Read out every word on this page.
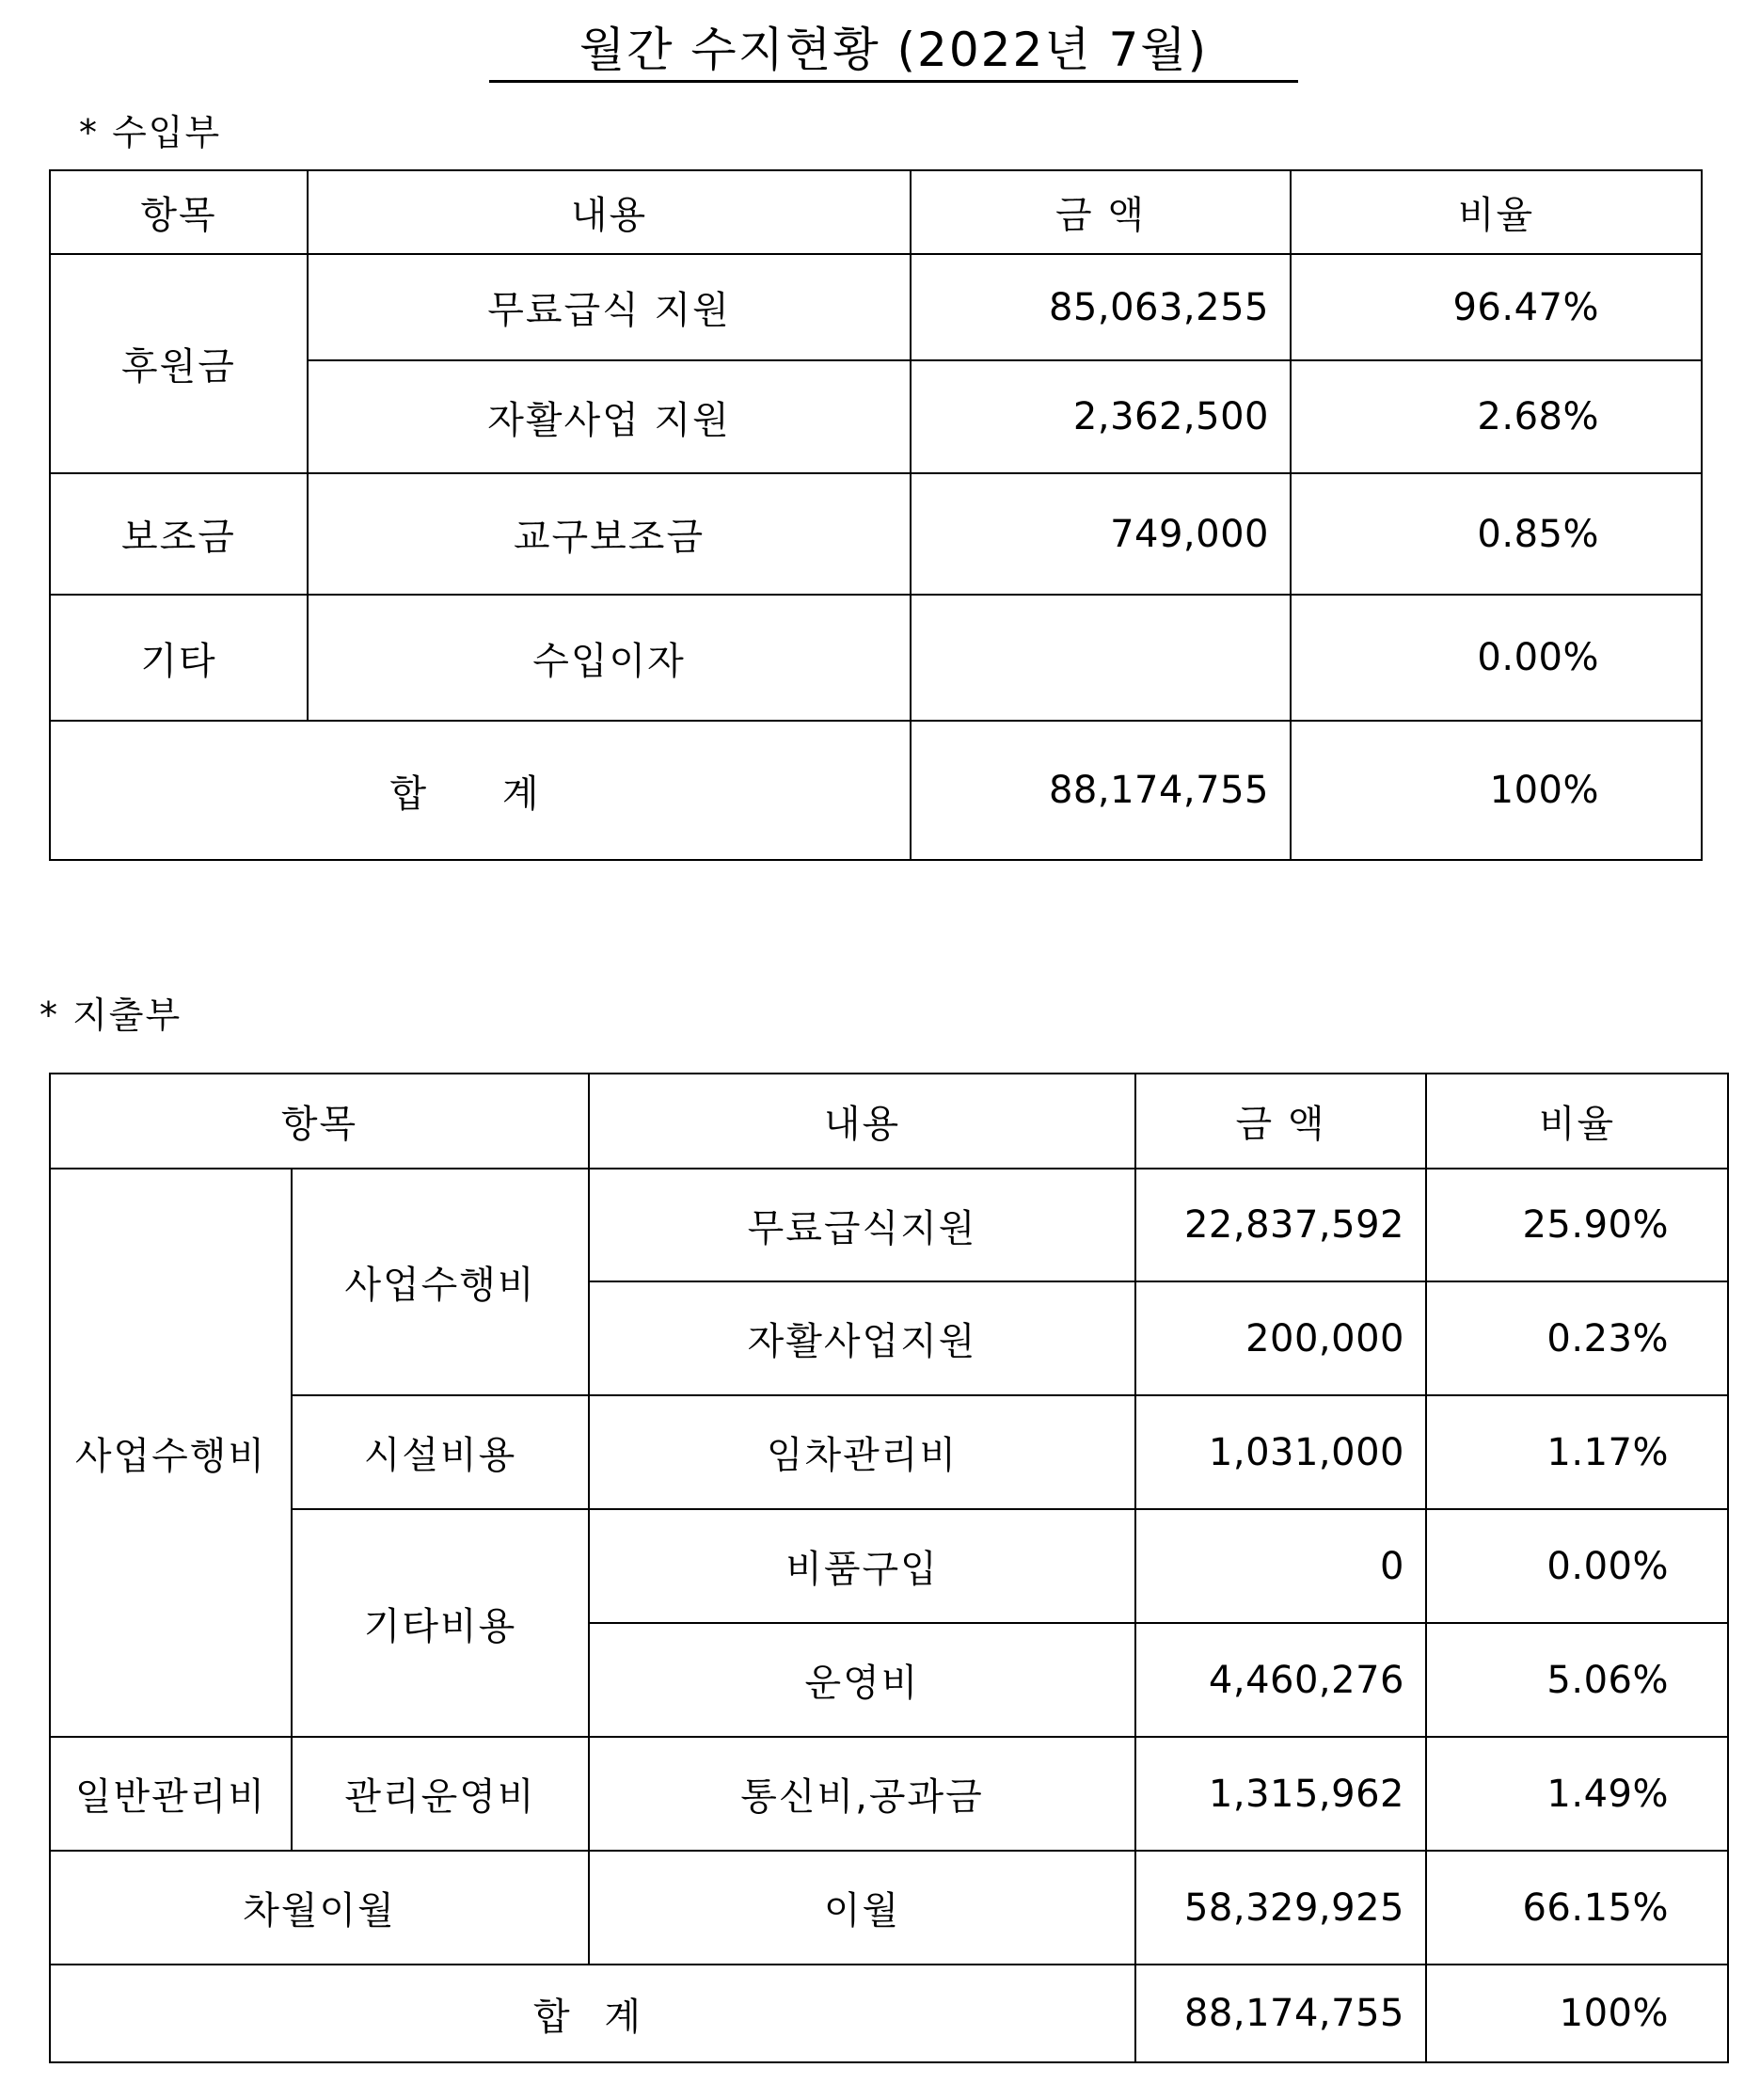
월간 수지현황 (2022년 7월)
* 수입부
항목	내용	금 액	비율
후원금	무료급식 지원	85,063,255	96.47%
	자활사업 지원	2,362,500	2.68%
보조금	교구보조금	749,000	0.85%
기타	수입이자		0.00%
합 계		88,174,755	100%
* 지출부
항목		내용	금 액	비율
사업수행비	사업수행비	무료급식지원	22,837,592	25.90%
		자활사업지원	200,000	0.23%
	시설비용	임차관리비	1,031,000	1.17%
	기타비용	비품구입	0	0.00%
		운영비	4,460,276	5.06%
일반관리비	관리운영비	통신비,공과금	1,315,962	1.49%
차월이월		이월	58,329,925	66.15%
합 계			88,174,755	100%
